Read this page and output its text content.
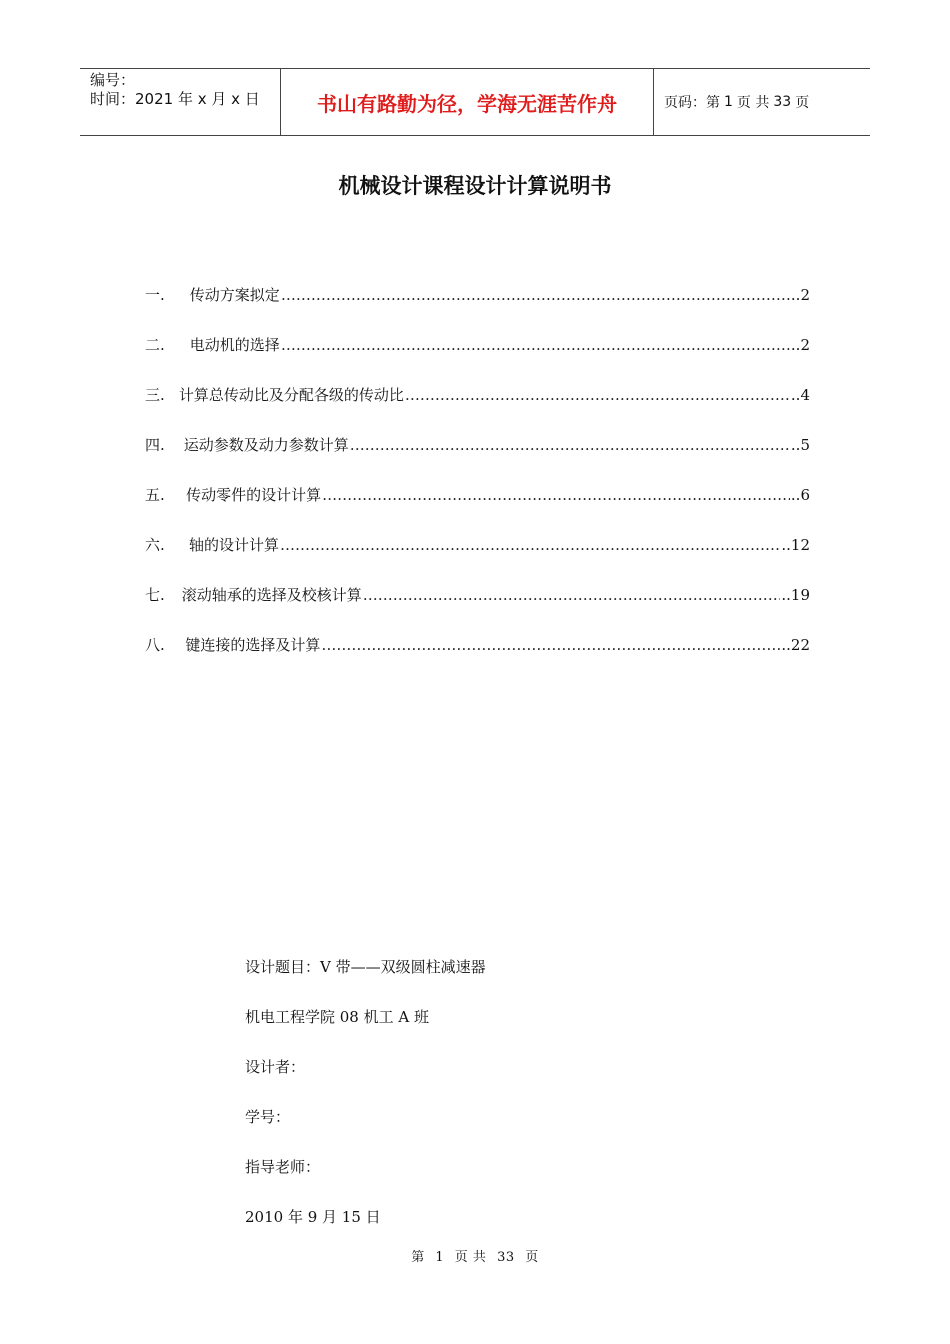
编号：
时间：2021 年 x 月 x 日	书山有路勤为径，学海无涯苦作舟	页码：第 1 页 共 33 页
机械设计课程设计计算说明书
一.	传动方案拟定 ……………………………………………………………………………………………………………………………………	..2
二.	电动机的选择 ……………………………………………………………………………………………………………………………………	..2
三. 计算总传动比及分配各级的传动比 ……………………………………………………………………………………………………………………………………	..4
四.	运动参数及动力参数计算 ……………………………………………………………………………………………………………………………………	..5
五.	传动零件的设计计算 ……………………………………………………………………………………………………………………………………	..6
六.	轴的设计计算 ……………………………………………………………………………………………………………………………………	..12
七.	滚动轴承的选择及校核计算 ……………………………………………………………………………………………………………………………………	..19
八.	键连接的选择及计算 ……………………………………………………………………………………………………………………………………	..22
设计题目：V 带——双级圆柱减速器
机电工程学院 08 机工 A 班
设计者：
学号：
指导老师：
2010 年 9 月 15 日
第 1 页 共 33 页
